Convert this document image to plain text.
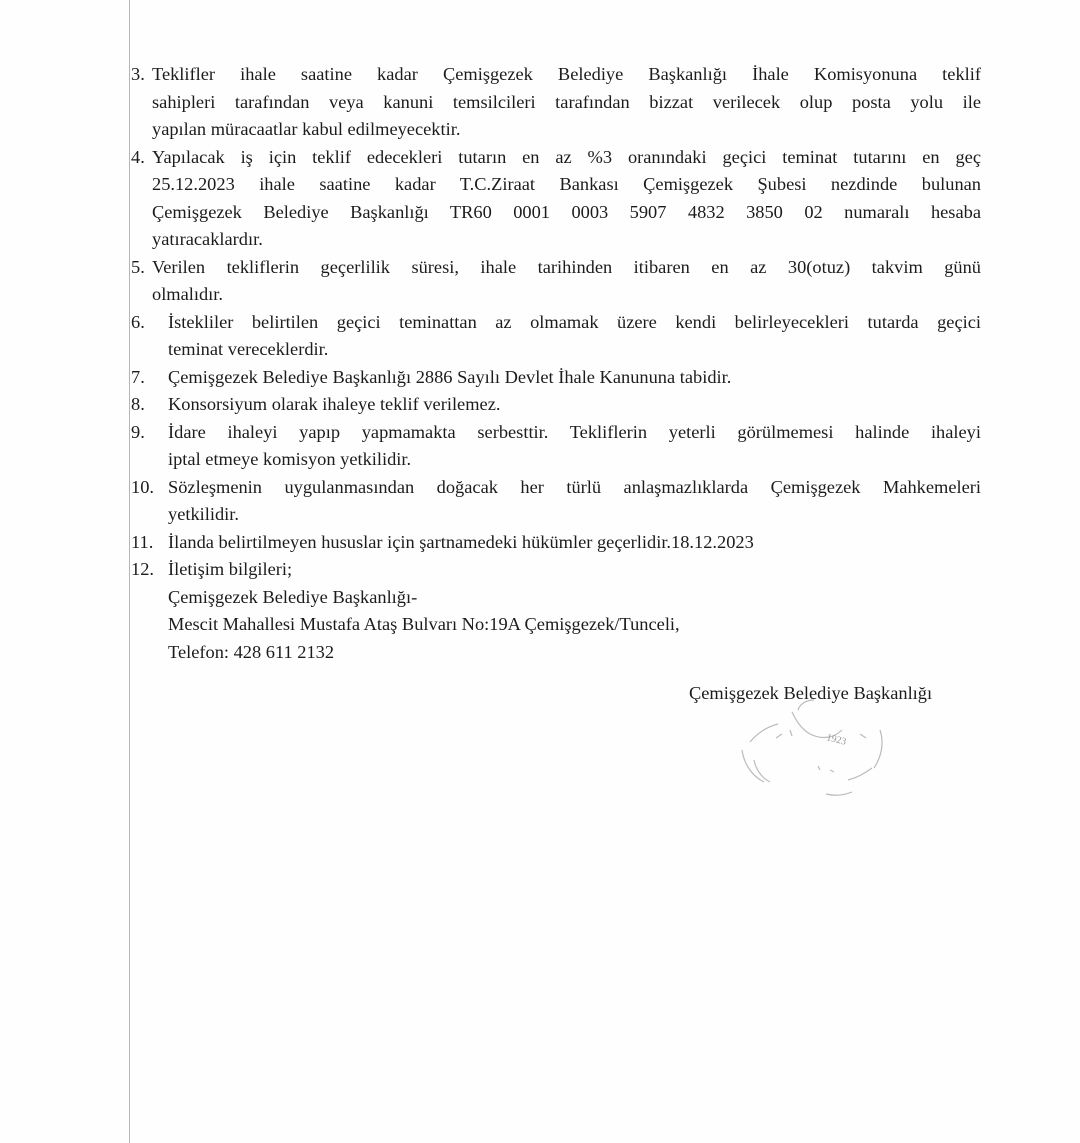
3. Teklifler ihale saatine kadar Çemişgezek Belediye Başkanlığı İhale Komisyonuna teklif
sahipleri tarafından veya kanuni temsilcileri tarafından bizzat verilecek olup posta yolu ile
yapılan müracaatlar kabul edilmeyecektir.
4. Yapılacak iş için teklif edecekleri tutarın en az %3 oranındaki geçici teminat tutarını en geç
25.12.2023 ihale saatine kadar T.C.Ziraat Bankası Çemişgezek Şubesi nezdinde bulunan
Çemişgezek Belediye Başkanlığı TR60 0001 0003 5907 4832 3850 02 numaralı hesaba
yatıracaklardır.
5. Verilen tekliflerin geçerlilik süresi, ihale tarihinden itibaren en az 30(otuz) takvim günü
olmalıdır.
6. İstekliler belirtilen geçici teminattan az olmamak üzere kendi belirleyecekleri tutarda geçici
teminat vereceklerdir.
7. Çemişgezek Belediye Başkanlığı 2886 Sayılı Devlet İhale Kanununa tabidir.
8. Konsorsiyum olarak ihaleye teklif verilemez.
9. İdare ihaleyi yapıp yapmamakta serbesttir. Tekliflerin yeterli görülmemesi halinde ihaleyi
iptal etmeye komisyon yetkilidir.
10. Sözleşmenin uygulanmasından doğacak her türlü anlaşmazlıklarda Çemişgezek Mahkemeleri
yetkilidir.
11. İlanda belirtilmeyen hususlar için şartnamedeki hükümler geçerlidir.18.12.2023
12. İletişim bilgileri;
Çemişgezek Belediye Başkanlığı-
Mescit Mahallesi Mustafa Ataş Bulvarı No:19A Çemişgezek/Tunceli,
Telefon: 428 611 2132
1923
Çemişgezek Belediye Başkanlığı
